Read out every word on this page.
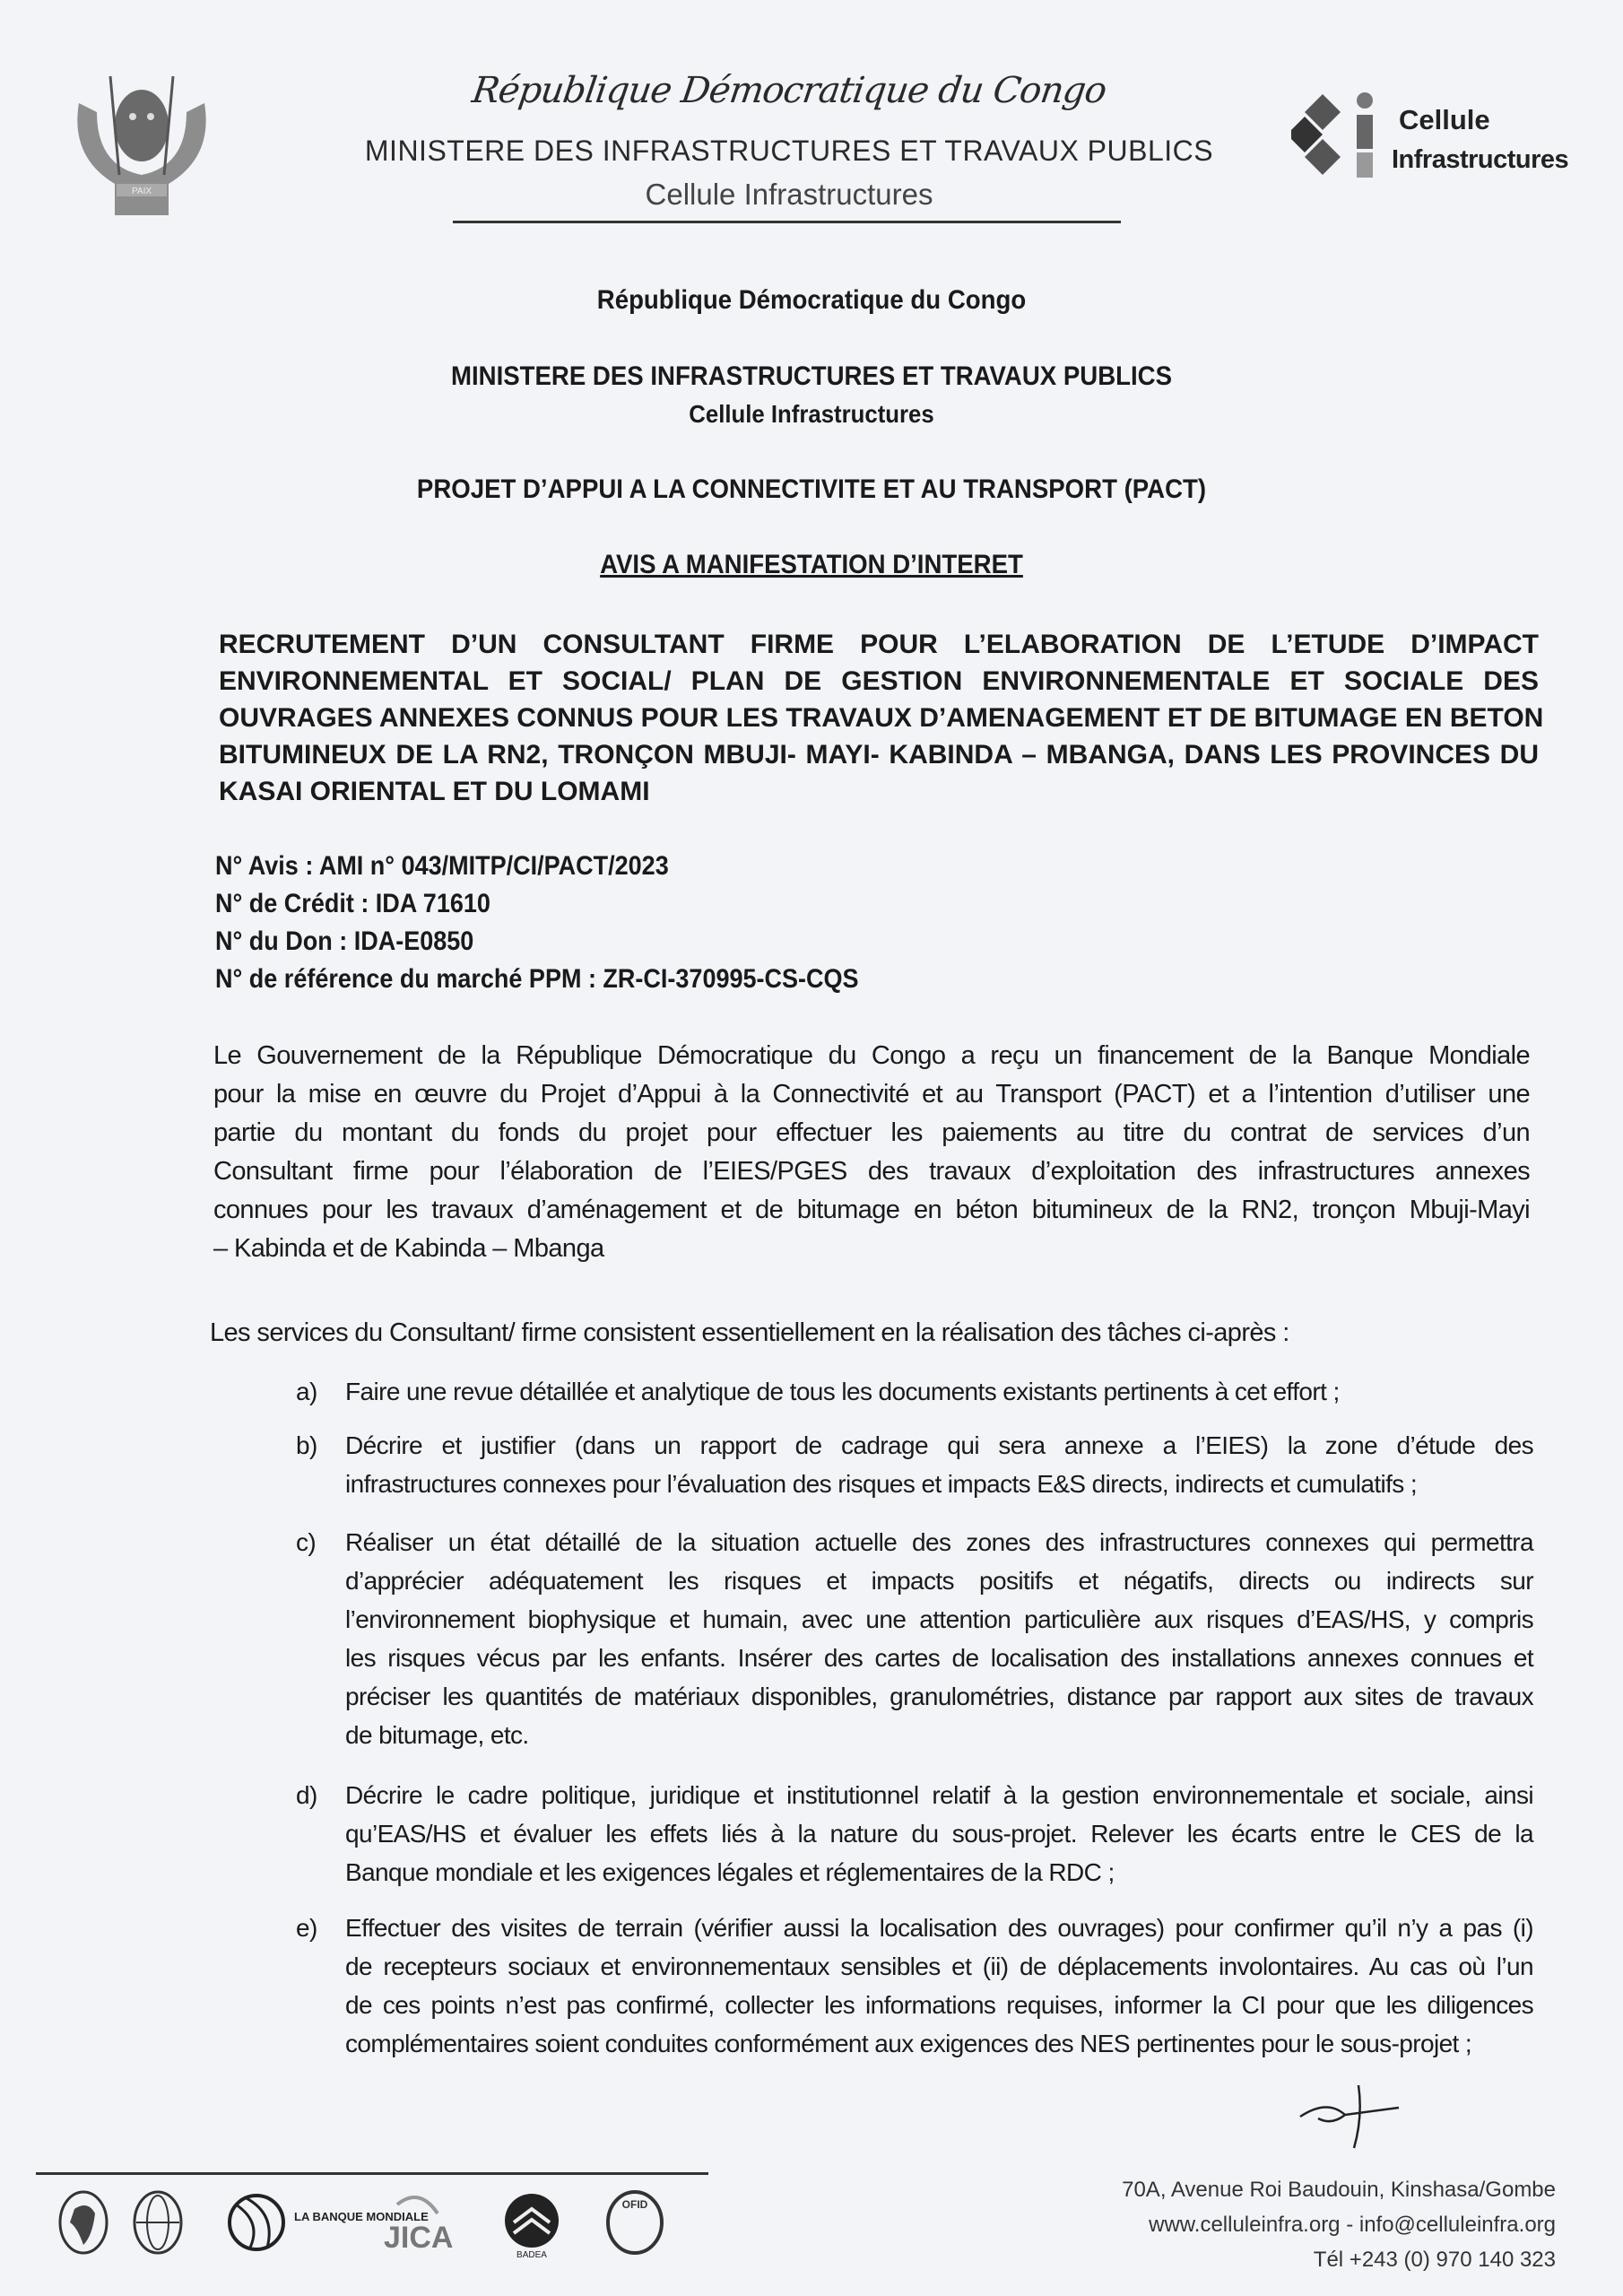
PAIX
République Démocratique du Congo
MINISTERE DES INFRASTRUCTURES ET TRAVAUX PUBLICS
Cellule Infrastructures
Cellule
Infrastructures
République Démocratique du Congo
MINISTERE DES INFRASTRUCTURES ET TRAVAUX PUBLICS
Cellule Infrastructures
PROJET D’APPUI A LA CONNECTIVITE ET AU TRANSPORT (PACT)
AVIS A MANIFESTATION D’INTERET
RECRUTEMENT D’UN CONSULTANT FIRME POUR L’ELABORATION DE L’ETUDE D’IMPACT
ENVIRONNEMENTAL ET SOCIAL/ PLAN DE GESTION ENVIRONNEMENTALE ET SOCIALE DES
OUVRAGES ANNEXES CONNUS POUR LES TRAVAUX D’AMENAGEMENT ET DE BITUMAGE EN BETON
BITUMINEUX DE LA RN2, TRONÇON MBUJI- MAYI- KABINDA – MBANGA, DANS LES PROVINCES DU
KASAI ORIENTAL ET DU LOMAMI
N° Avis : AMI n° 043/MITP/CI/PACT/2023
N° de Crédit : IDA 71610
N° du Don : IDA-E0850
N° de référence du marché PPM : ZR-CI-370995-CS-CQS
Le Gouvernement de la République Démocratique du Congo a reçu un financement de la Banque Mondiale
pour la mise en œuvre du Projet d’Appui à la Connectivité et au Transport (PACT) et a l’intention d’utiliser une
partie du montant du fonds du projet pour effectuer les paiements au titre du contrat de services d’un
Consultant firme pour l’élaboration de l’EIES/PGES des travaux d’exploitation des infrastructures annexes
connues pour les travaux d’aménagement et de bitumage en béton bitumineux de la RN2, tronçon Mbuji-Mayi
– Kabinda et de Kabinda – Mbanga
Les services du Consultant/ firme consistent essentiellement en la réalisation des tâches ci-après :
a) Faire une revue détaillée et analytique de tous les documents existants pertinents à cet effort ;
b) Décrire et justifier (dans un rapport de cadrage qui sera annexe a l’EIES) la zone d’étude des
infrastructures connexes pour l’évaluation des risques et impacts E&S directs, indirects et cumulatifs ;
c) Réaliser un état détaillé de la situation actuelle des zones des infrastructures connexes qui permettra
d’apprécier adéquatement les risques et impacts positifs et négatifs, directs ou indirects sur
l’environnement biophysique et humain, avec une attention particulière aux risques d’EAS/HS, y compris
les risques vécus par les enfants. Insérer des cartes de localisation des installations annexes connues et
préciser les quantités de matériaux disponibles, granulométries, distance par rapport aux sites de travaux
de bitumage, etc.
d) Décrire le cadre politique, juridique et institutionnel relatif à la gestion environnementale et sociale, ainsi
qu’EAS/HS et évaluer les effets liés à la nature du sous-projet. Relever les écarts entre le CES de la
Banque mondiale et les exigences légales et réglementaires de la RDC ;
e) Effectuer des visites de terrain (vérifier aussi la localisation des ouvrages) pour confirmer qu’il n’y a pas (i)
de recepteurs sociaux et environnementaux sensibles et (ii) de déplacements involontaires. Au cas où l’un
de ces points n’est pas confirmé, collecter les informations requises, informer la CI pour que les diligences
complémentaires soient conduites conformément aux exigences des NES pertinentes pour le sous-projet ;
LA BANQUE MONDIALE
JICA
BADEA
OFID
70A, Avenue Roi Baudouin, Kinshasa/Gombe
www.celluleinfra.org - info@celluleinfra.org
Tél +243 (0) 970 140 323
